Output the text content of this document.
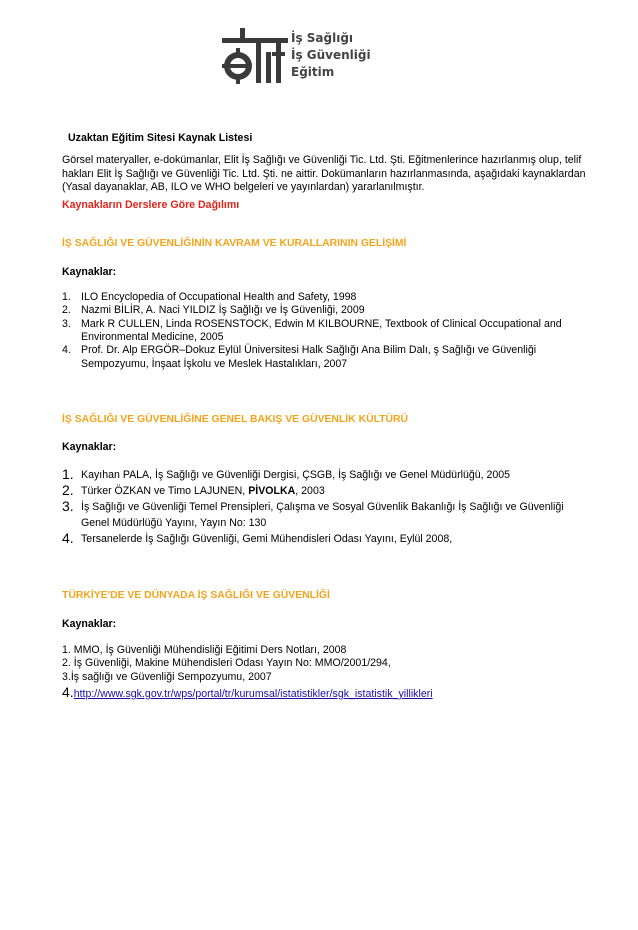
İş Sağlığı
İş Güvenliği
Eğitim
Uzaktan Eğitim Sitesi Kaynak Listesi
Görsel materyaller, e-dokümanlar, Elit İş Sağlığı ve Güvenliği Tic. Ltd. Şti. Eğitmenlerince hazırlanmış olup, telif hakları Elit İş Sağlığı ve Güvenliği Tic. Ltd. Şti. ne aittir. Dokümanların hazırlanmasında, aşağıdaki kaynaklardan (Yasal dayanaklar, AB, ILO ve WHO belgeleri ve yayınlardan) yararlanılmıştır.
Kaynakların Derslere Göre Dağılımı
İŞ SAĞLIĞI VE GÜVENLİĞİNİN KAVRAM VE KURALLARININ GELİŞİMİ
Kaynaklar:
1. ILO Encyclopedia of Occupational Health and Safety, 1998
2. Nazmi BİLİR, A. Naci YILDIZ İş Sağlığı ve İş Güvenliği, 2009
3. Mark R CULLEN, Linda ROSENSTOCK, Edwin M KILBOURNE, Textbook of Clinical Occupational and Environmental Medicine, 2005
4. Prof. Dr. Alp ERGÖR–Dokuz Eylül Üniversitesi Halk Sağlığı Ana Bilim Dalı, ş Sağlığı ve Güvenliği Sempozyumu, İnşaat İşkolu ve Meslek Hastalıkları, 2007
İŞ SAĞLIĞI VE GÜVENLİĞİNE GENEL BAKIŞ VE GÜVENLİK KÜLTÜRÜ
Kaynaklar:
1. Kayıhan PALA, İş Sağlığı ve Güvenliği Dergisi, ÇSGB, İş Sağlığı ve Genel Müdürlüğü, 2005
2. Türker ÖZKAN ve Timo LAJUNEN, PİVOLKA, 2003
3. İş Sağlığı ve Güvenliği Temel Prensipleri, Çalışma ve Sosyal Güvenlik Bakanlığı İş Sağlığı ve Güvenliği Genel Müdürlüğü Yayını, Yayın No: 130
4. Tersanelerde İş Sağlığı Güvenliği, Gemi Mühendisleri Odası Yayını, Eylül 2008,
TÜRKİYE'DE VE DÜNYADA İŞ SAĞLIĞI VE GÜVENLİĞİ
Kaynaklar:
1. MMO, İş Güvenliği Mühendisliği Eğitimi Ders Notları, 2008
2. İş Güvenliği, Makine Mühendisleri Odası Yayın No: MMO/2001/294,
3.İş sağlığı ve Güvenliği Sempozyumu, 2007
4.http://www.sgk.gov.tr/wps/portal/tr/kurumsal/istatistikler/sgk_istatistik_yillikleri
